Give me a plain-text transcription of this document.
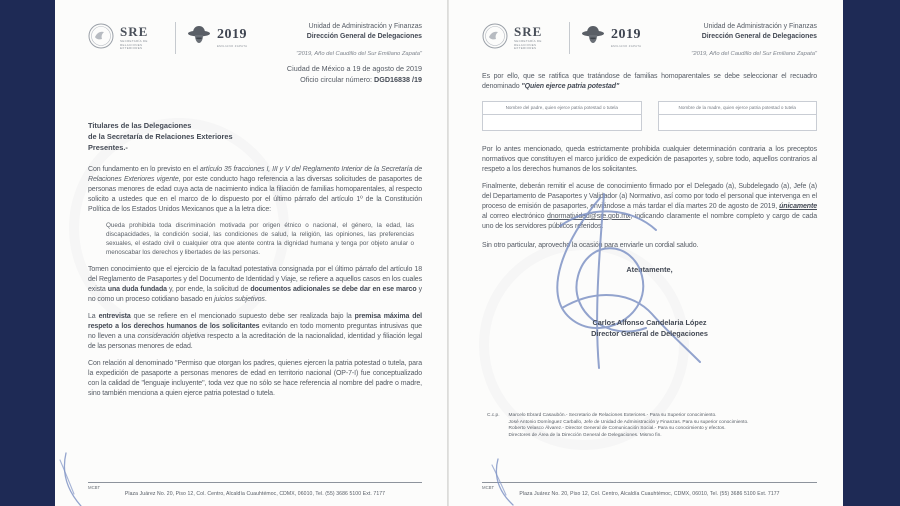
SRE
SECRETARÍA DE RELACIONES EXTERIORES
2019
EMILIANO ZAPATA
Unidad de Administración y Finanzas
Dirección General de Delegaciones
"2019, Año del Caudillo del Sur Emiliano Zapata"
Ciudad de México a 19 de agosto de 2019
Oficio circular número: DGD16838 /19
Titulares de las Delegaciones
de la Secretaría de Relaciones Exteriores
Presentes.-

Con fundamento en lo previsto en el artículo 35 fracciones I, III y V del Reglamento Interior de la Secretaría de Relaciones Exteriores vigente, por este conducto hago referencia a las diversas solicitudes de pasaportes de personas menores de edad cuya acta de nacimiento indica la filiación de familias homoparentales, al respecto solicito a ustedes que en el marco de lo dispuesto por el último párrafo del artículo 1º de la Constitución Política de los Estados Unidos Mexicanos que a la letra dice:

Queda prohibida toda discriminación motivada por origen étnico o nacional, el género, la edad, las discapacidades, la condición social, las condiciones de salud, la religión, las opiniones, las preferencias sexuales, el estado civil o cualquier otra que atente contra la dignidad humana y tenga por objeto anular o menoscabar los derechos y libertades de las personas.

Tomen conocimiento que el ejercicio de la facultad potestativa consignada por el último párrafo del artículo 18 del Reglamento de Pasaportes y del Documento de Identidad y Viaje, se refiere a aquellos casos en los cuales exista una duda fundada y, por ende, la solicitud de documentos adicionales se debe dar en ese marco y no como un proceso cotidiano basado en juicios subjetivos.

La entrevista que se refiere en el mencionado supuesto debe ser realizada bajo la premisa máxima del respeto a los derechos humanos de los solicitantes evitando en todo momento preguntas intrusivas que no lleven a una consideración objetiva respecto a la acreditación de la nacionalidad, identidad y filiación legal de las personas menores de edad.

Con relación al denominado "Permiso que otorgan los padres, quienes ejercen la patria potestad o tutela, para la expedición de pasaporte a personas menores de edad en territorio nacional (OP-7-I) fue conceptualizado con la calidad de "lenguaje incluyente", toda vez que no sólo se hace referencia al nombre del padre o madre, sino también menciona a quien ejerce patria potestad o tutela.

MCBT
Plaza Juárez No. 20, Piso 12, Col. Centro, Alcaldía Cuauhtémoc, CDMX, 06010, Tel. (55) 3686 5100 Ext. 7177
SRE
SECRETARÍA DE RELACIONES EXTERIORES
2019
EMILIANO ZAPATA
Unidad de Administración y Finanzas
Dirección General de Delegaciones
"2019, Año del Caudillo del Sur Emiliano Zapata"

Es por ello, que se ratifica que tratándose de familias homoparentales se debe seleccionar el recuadro denominado "Quien ejerce patria potestad"

Nombre del padre, quien ejerce patria potestad o tutela	Nombre de la madre, quien ejerce patria potestad o tutela

Por lo antes mencionado, queda estrictamente prohibida cualquier determinación contraria a los preceptos normativos que constituyen el marco jurídico de expedición de pasaportes y, sobre todo, aquellos contrarios al respeto a los derechos humanos de los solicitantes.

Finalmente, deberán remitir el acuse de conocimiento firmado por el Delegado (a), Subdelegado (a), Jefe (a) del Departamento de Pasaportes y Validador (a) Normativo, así como por todo el personal que intervenga en el proceso de emisión de pasaportes, enviándose a más tardar el día martes 20 de agosto de 2019, únicamente al correo electrónico dnormatividad@sre.gob.mx, indicando claramente el nombre completo y cargo de cada uno de los servidores públicos referidos.

Sin otro particular, aprovecho la ocasión para enviarle un cordial saludo.

Atentamente,
Carlos Alfonso Candelaria López
Director General de Delegaciones
C.c.p. Marcelo Ebrard Casaubón.- Secretario de Relaciones Exteriores.- Para su Superior conocimiento.
José Antonio Domínguez Carballo, Jefe de Unidad de Administración y Finanzas. Para su superior conocimiento.
Roberto Velasco Álvarez.- Director General de Comunicación Social.- Para su conocimiento y efectos.
Directores de Área de la Dirección General de Delegaciones. Mismo fin.
MCBT
Plaza Juárez No. 20, Piso 12, Col. Centro, Alcaldía Cuauhtémoc, CDMX, 06010, Tel. (55) 3686 5100 Ext. 7177
